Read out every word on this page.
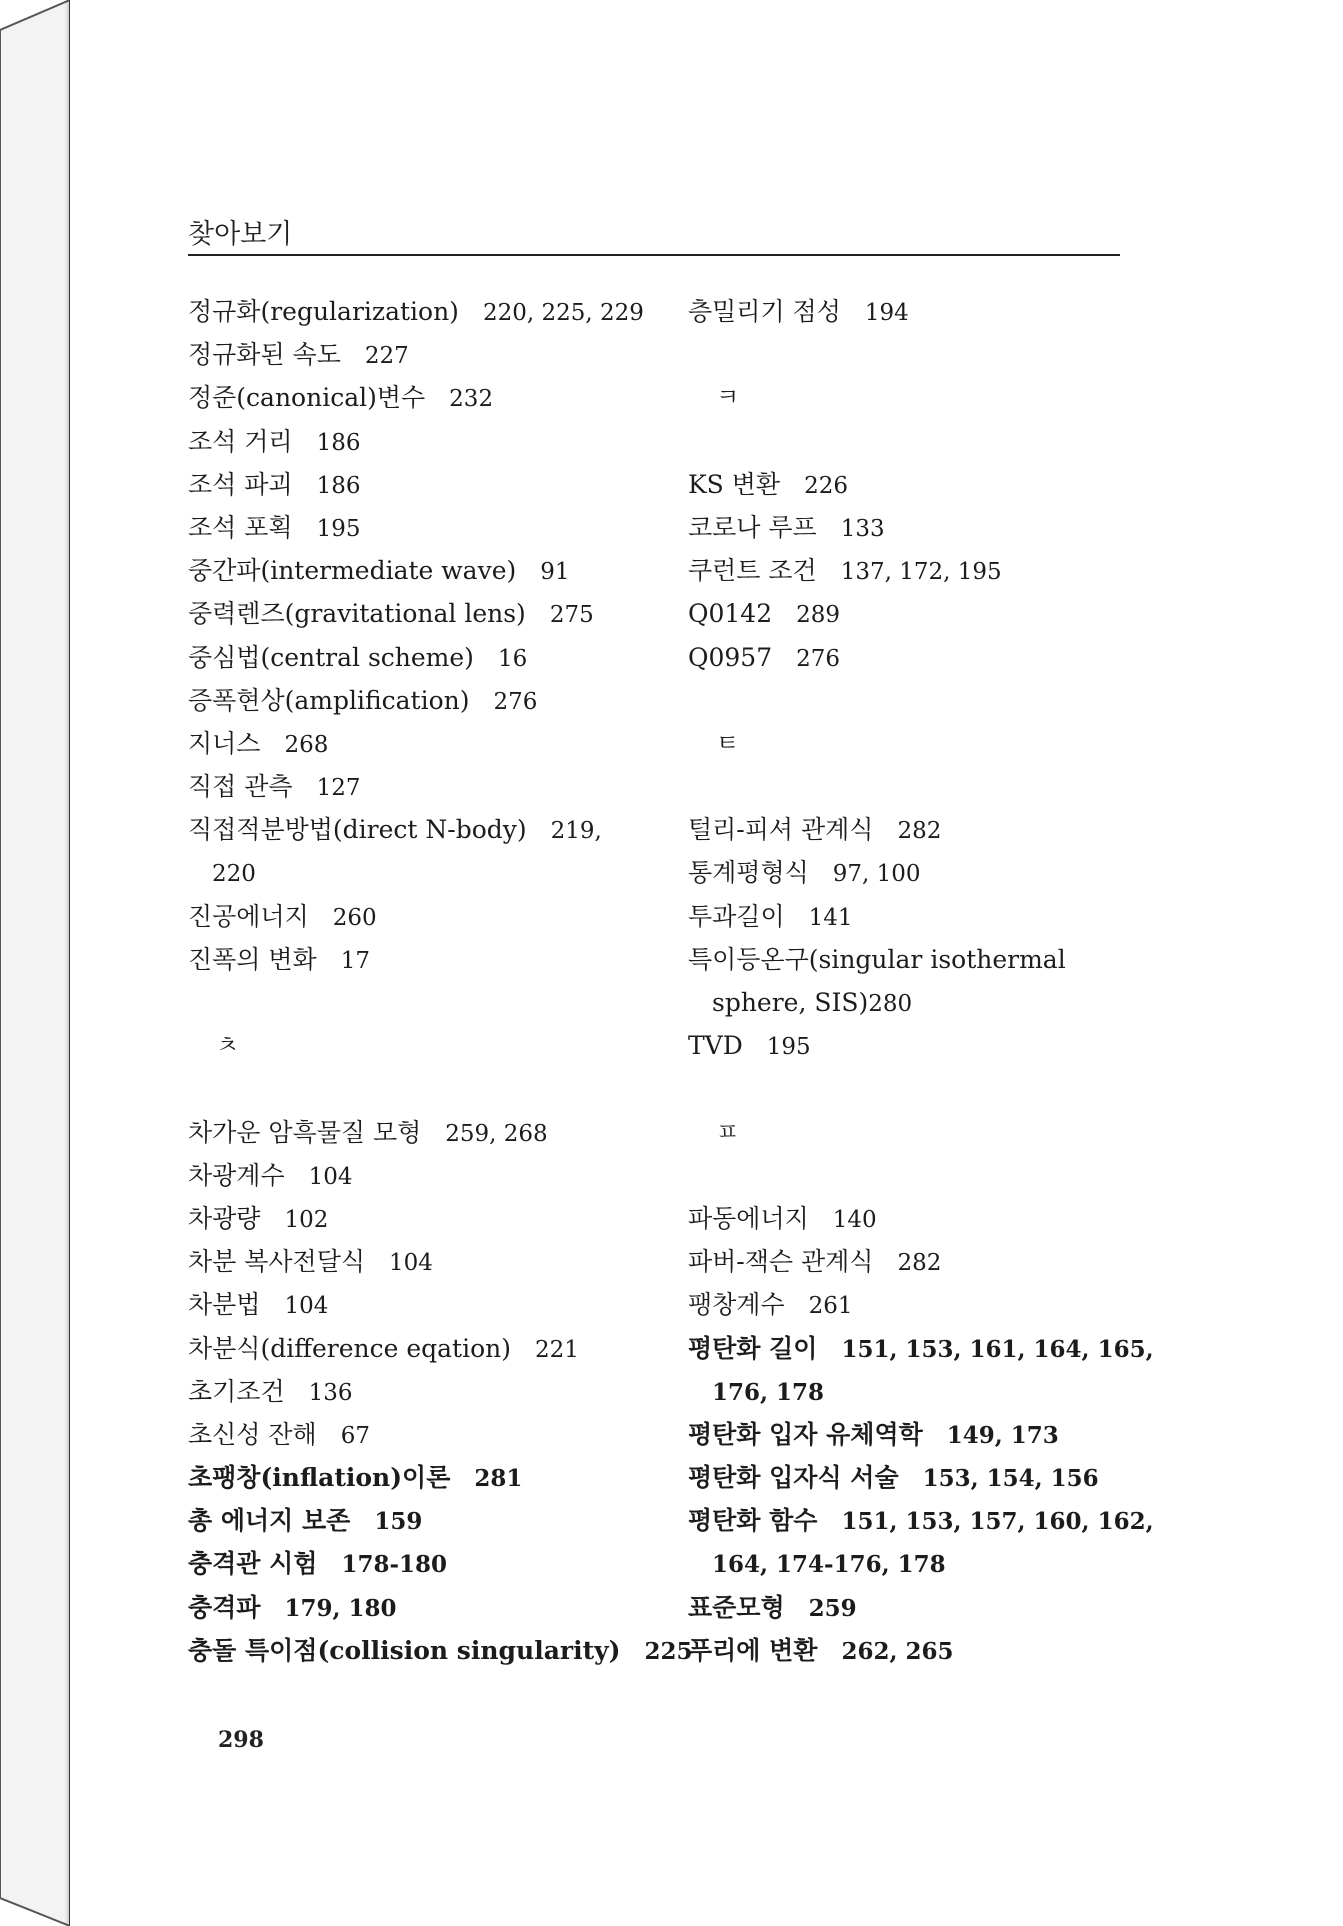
찾아보기
정규화(regularization) 220, 225, 229
정규화된 속도 227
정준(canonical)변수 232
조석 거리 186
조석 파괴 186
조석 포획 195
중간파(intermediate wave) 91
중력렌즈(gravitational lens) 275
중심법(central scheme) 16
증폭현상(amplification) 276
지너스 268
직접 관측 127
직접적분방법(direct N-body) 219,
220
진공에너지 260
진폭의 변화 17
ㅊ
차가운 암흑물질 모형 259, 268
차광계수 104
차광량 102
차분 복사전달식 104
차분법 104
차분식(difference eqation) 221
초기조건 136
초신성 잔해 67
초팽창(inflation)이론 281
총 에너지 보존 159
충격관 시험 178-180
충격파 179, 180
충돌 특이점(collision singularity) 225
층밀리기 점성 194
ㅋ
KS 변환 226
코로나 루프 133
쿠런트 조건 137, 172, 195
Q0142 289
Q0957 276
ㅌ
털리-피셔 관계식 282
통계평형식 97, 100
투과길이 141
특이등온구(singular isothermal
sphere, SIS)280
TVD 195
ㅍ
파동에너지 140
파버-잭슨 관계식 282
팽창계수 261
평탄화 길이 151, 153, 161, 164, 165,
176, 178
평탄화 입자 유체역학 149, 173
평탄화 입자식 서술 153, 154, 156
평탄화 함수 151, 153, 157, 160, 162,
164, 174-176, 178
표준모형 259
푸리에 변환 262, 265
298
